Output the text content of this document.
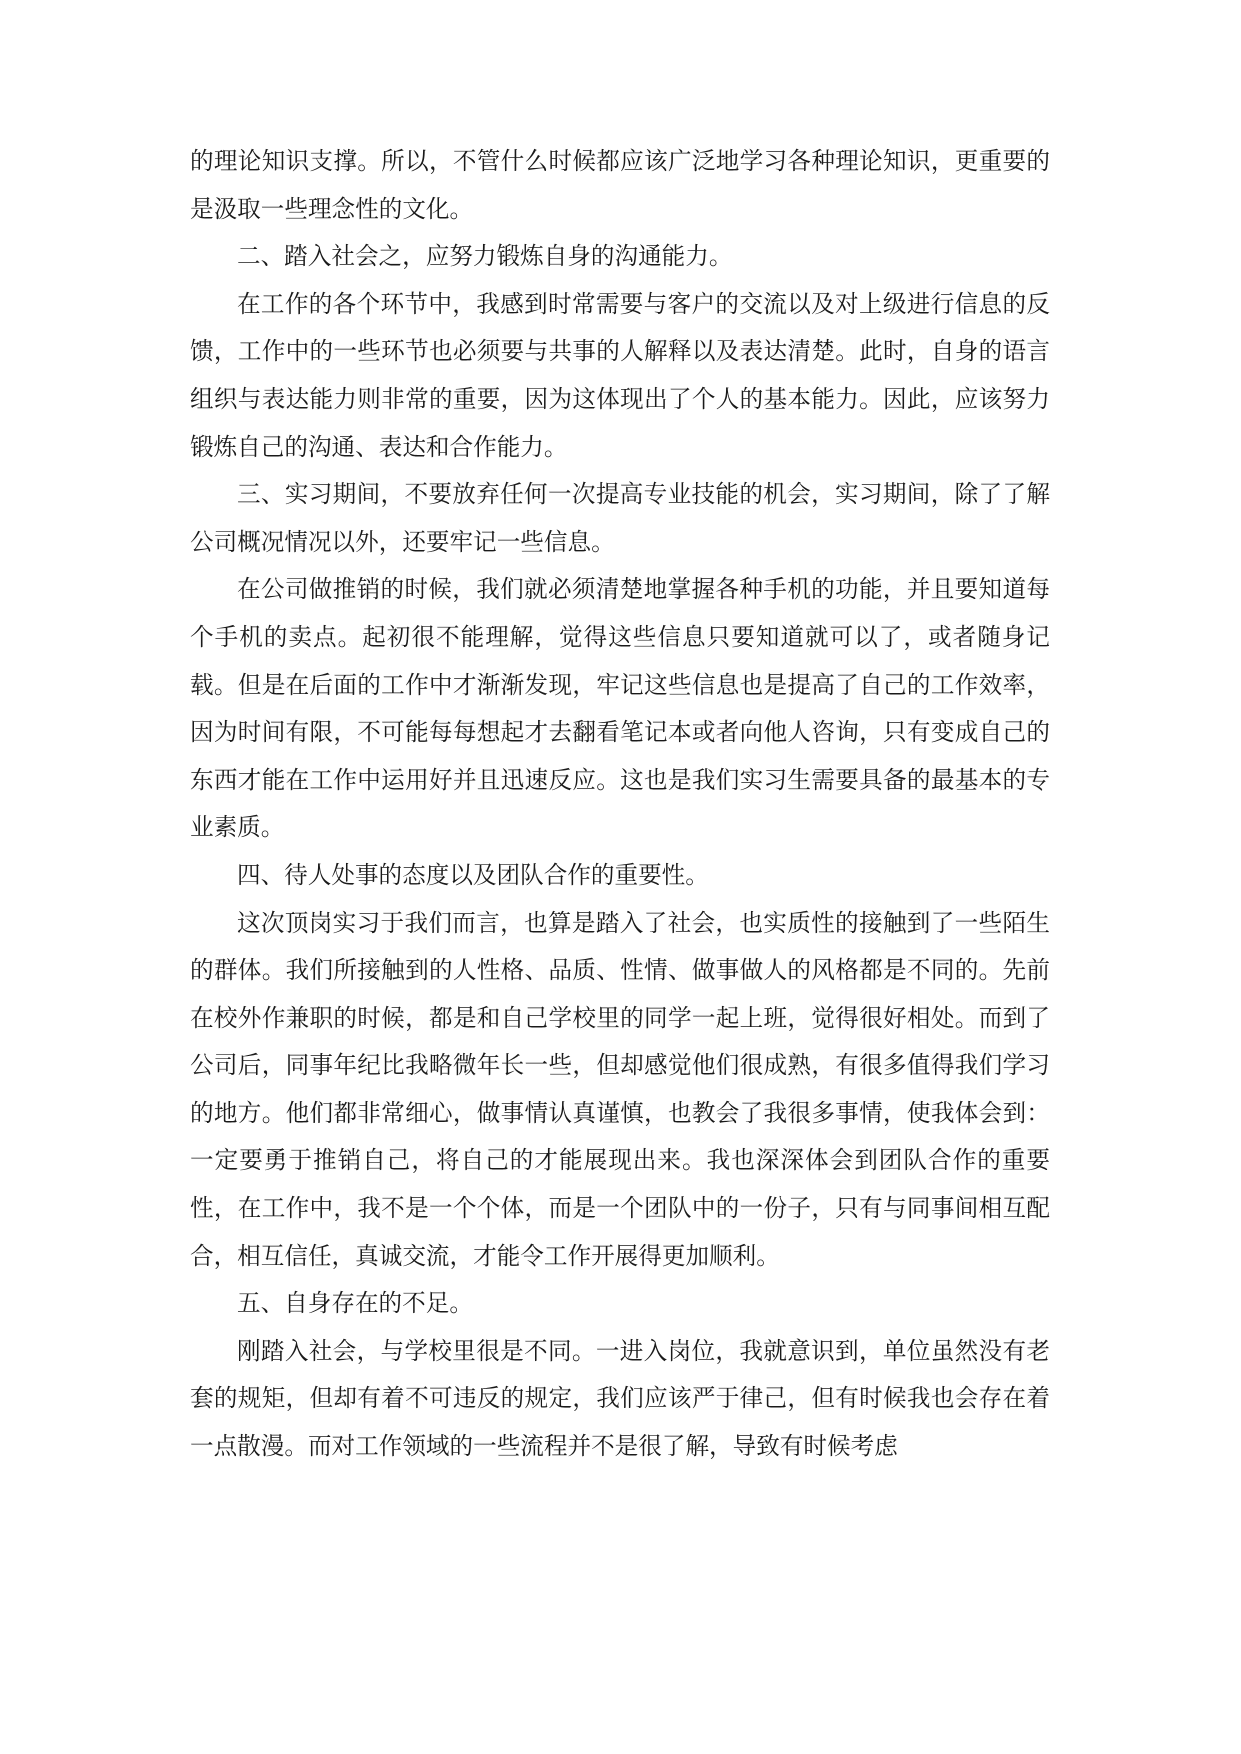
的理论知识支撑。所以，不管什么时候都应该广泛地学习各种理论知识，更重要的是汲取一些理念性的文化。

二、踏入社会之，应努力锻炼自身的沟通能力。

在工作的各个环节中，我感到时常需要与客户的交流以及对上级进行信息的反馈，工作中的一些环节也必须要与共事的人解释以及表达清楚。此时，自身的语言组织与表达能力则非常的重要，因为这体现出了个人的基本能力。因此，应该努力锻炼自己的沟通、表达和合作能力。

三、实习期间，不要放弃任何一次提高专业技能的机会，实习期间，除了了解公司概况情况以外，还要牢记一些信息。

在公司做推销的时候，我们就必须清楚地掌握各种手机的功能，并且要知道每个手机的卖点。起初很不能理解，觉得这些信息只要知道就可以了，或者随身记载。但是在后面的工作中才渐渐发现，牢记这些信息也是提高了自己的工作效率，因为时间有限，不可能每每想起才去翻看笔记本或者向他人咨询，只有变成自己的东西才能在工作中运用好并且迅速反应。这也是我们实习生需要具备的最基本的专业素质。

四、待人处事的态度以及团队合作的重要性。

这次顶岗实习于我们而言，也算是踏入了社会，也实质性的接触到了一些陌生的群体。我们所接触到的人性格、品质、性情、做事做人的风格都是不同的。先前在校外作兼职的时候，都是和自己学校里的同学一起上班，觉得很好相处。而到了公司后，同事年纪比我略微年长一些，但却感觉他们很成熟，有很多值得我们学习的地方。他们都非常细心，做事情认真谨慎，也教会了我很多事情，使我体会到：一定要勇于推销自己，将自己的才能展现出来。我也深深体会到团队合作的重要性，在工作中，我不是一个个体，而是一个团队中的一份子，只有与同事间相互配合，相互信任，真诚交流，才能令工作开展得更加顺利。

五、自身存在的不足。

刚踏入社会，与学校里很是不同。一进入岗位，我就意识到，单位虽然没有老套的规矩，但却有着不可违反的规定，我们应该严于律己，但有时候我也会存在着一点散漫。而对工作领域的一些流程并不是很了解，导致有时候考虑
